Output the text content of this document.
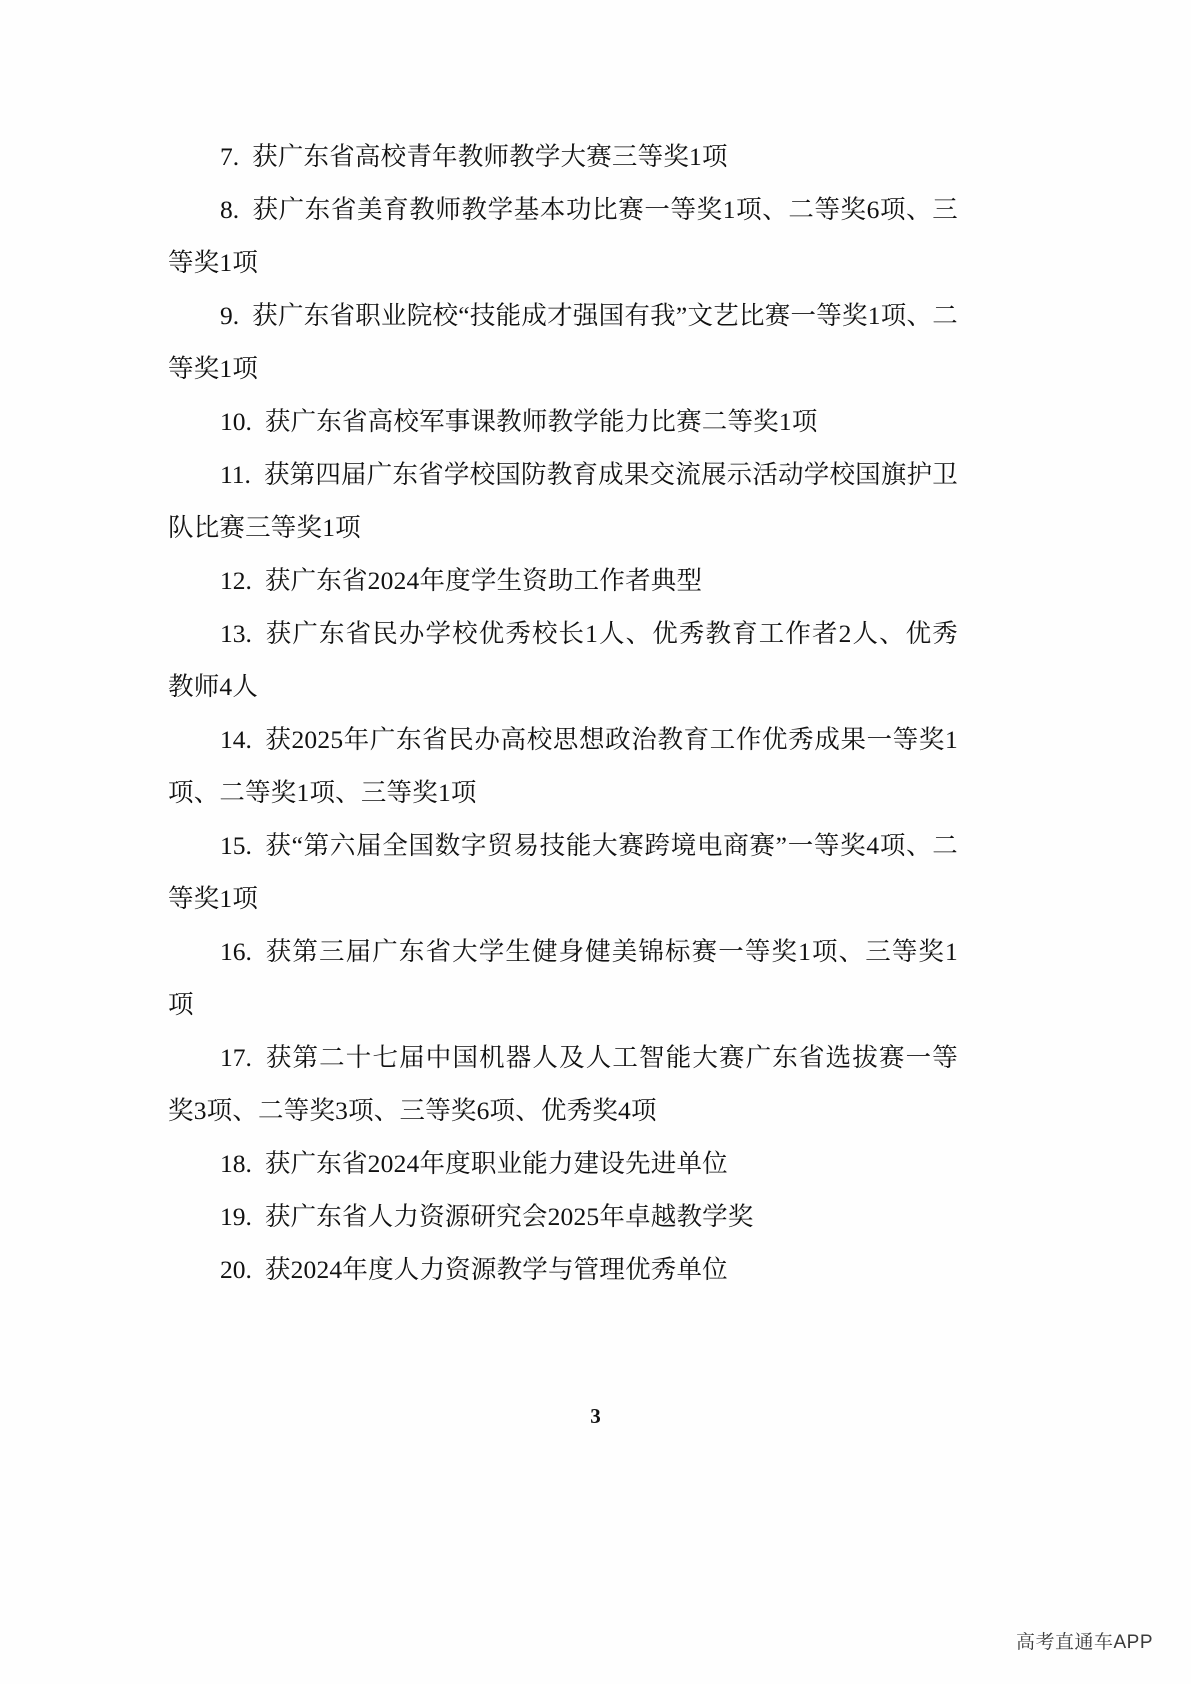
7. 获广东省高校青年教师教学大赛三等奖1项

8. 获广东省美育教师教学基本功比赛一等奖1项、二等奖6项、三等奖1项

9. 获广东省职业院校“技能成才强国有我”文艺比赛一等奖1项、二等奖1项

10. 获广东省高校军事课教师教学能力比赛二等奖1项

11. 获第四届广东省学校国防教育成果交流展示活动学校国旗护卫队比赛三等奖1项

12. 获广东省2024年度学生资助工作者典型

13. 获广东省民办学校优秀校长1人、优秀教育工作者2人、优秀教师4人

14. 获2025年广东省民办高校思想政治教育工作优秀成果一等奖1项、二等奖1项、三等奖1项

15. 获“第六届全国数字贸易技能大赛跨境电商赛”一等奖4项、二等奖1项

16. 获第三届广东省大学生健身健美锦标赛一等奖1项、三等奖1项

17. 获第二十七届中国机器人及人工智能大赛广东省选拔赛一等奖3项、二等奖3项、三等奖6项、优秀奖4项

18. 获广东省2024年度职业能力建设先进单位

19. 获广东省人力资源研究会2025年卓越教学奖

20. 获2024年度人力资源教学与管理优秀单位

3
高考直通车APP
